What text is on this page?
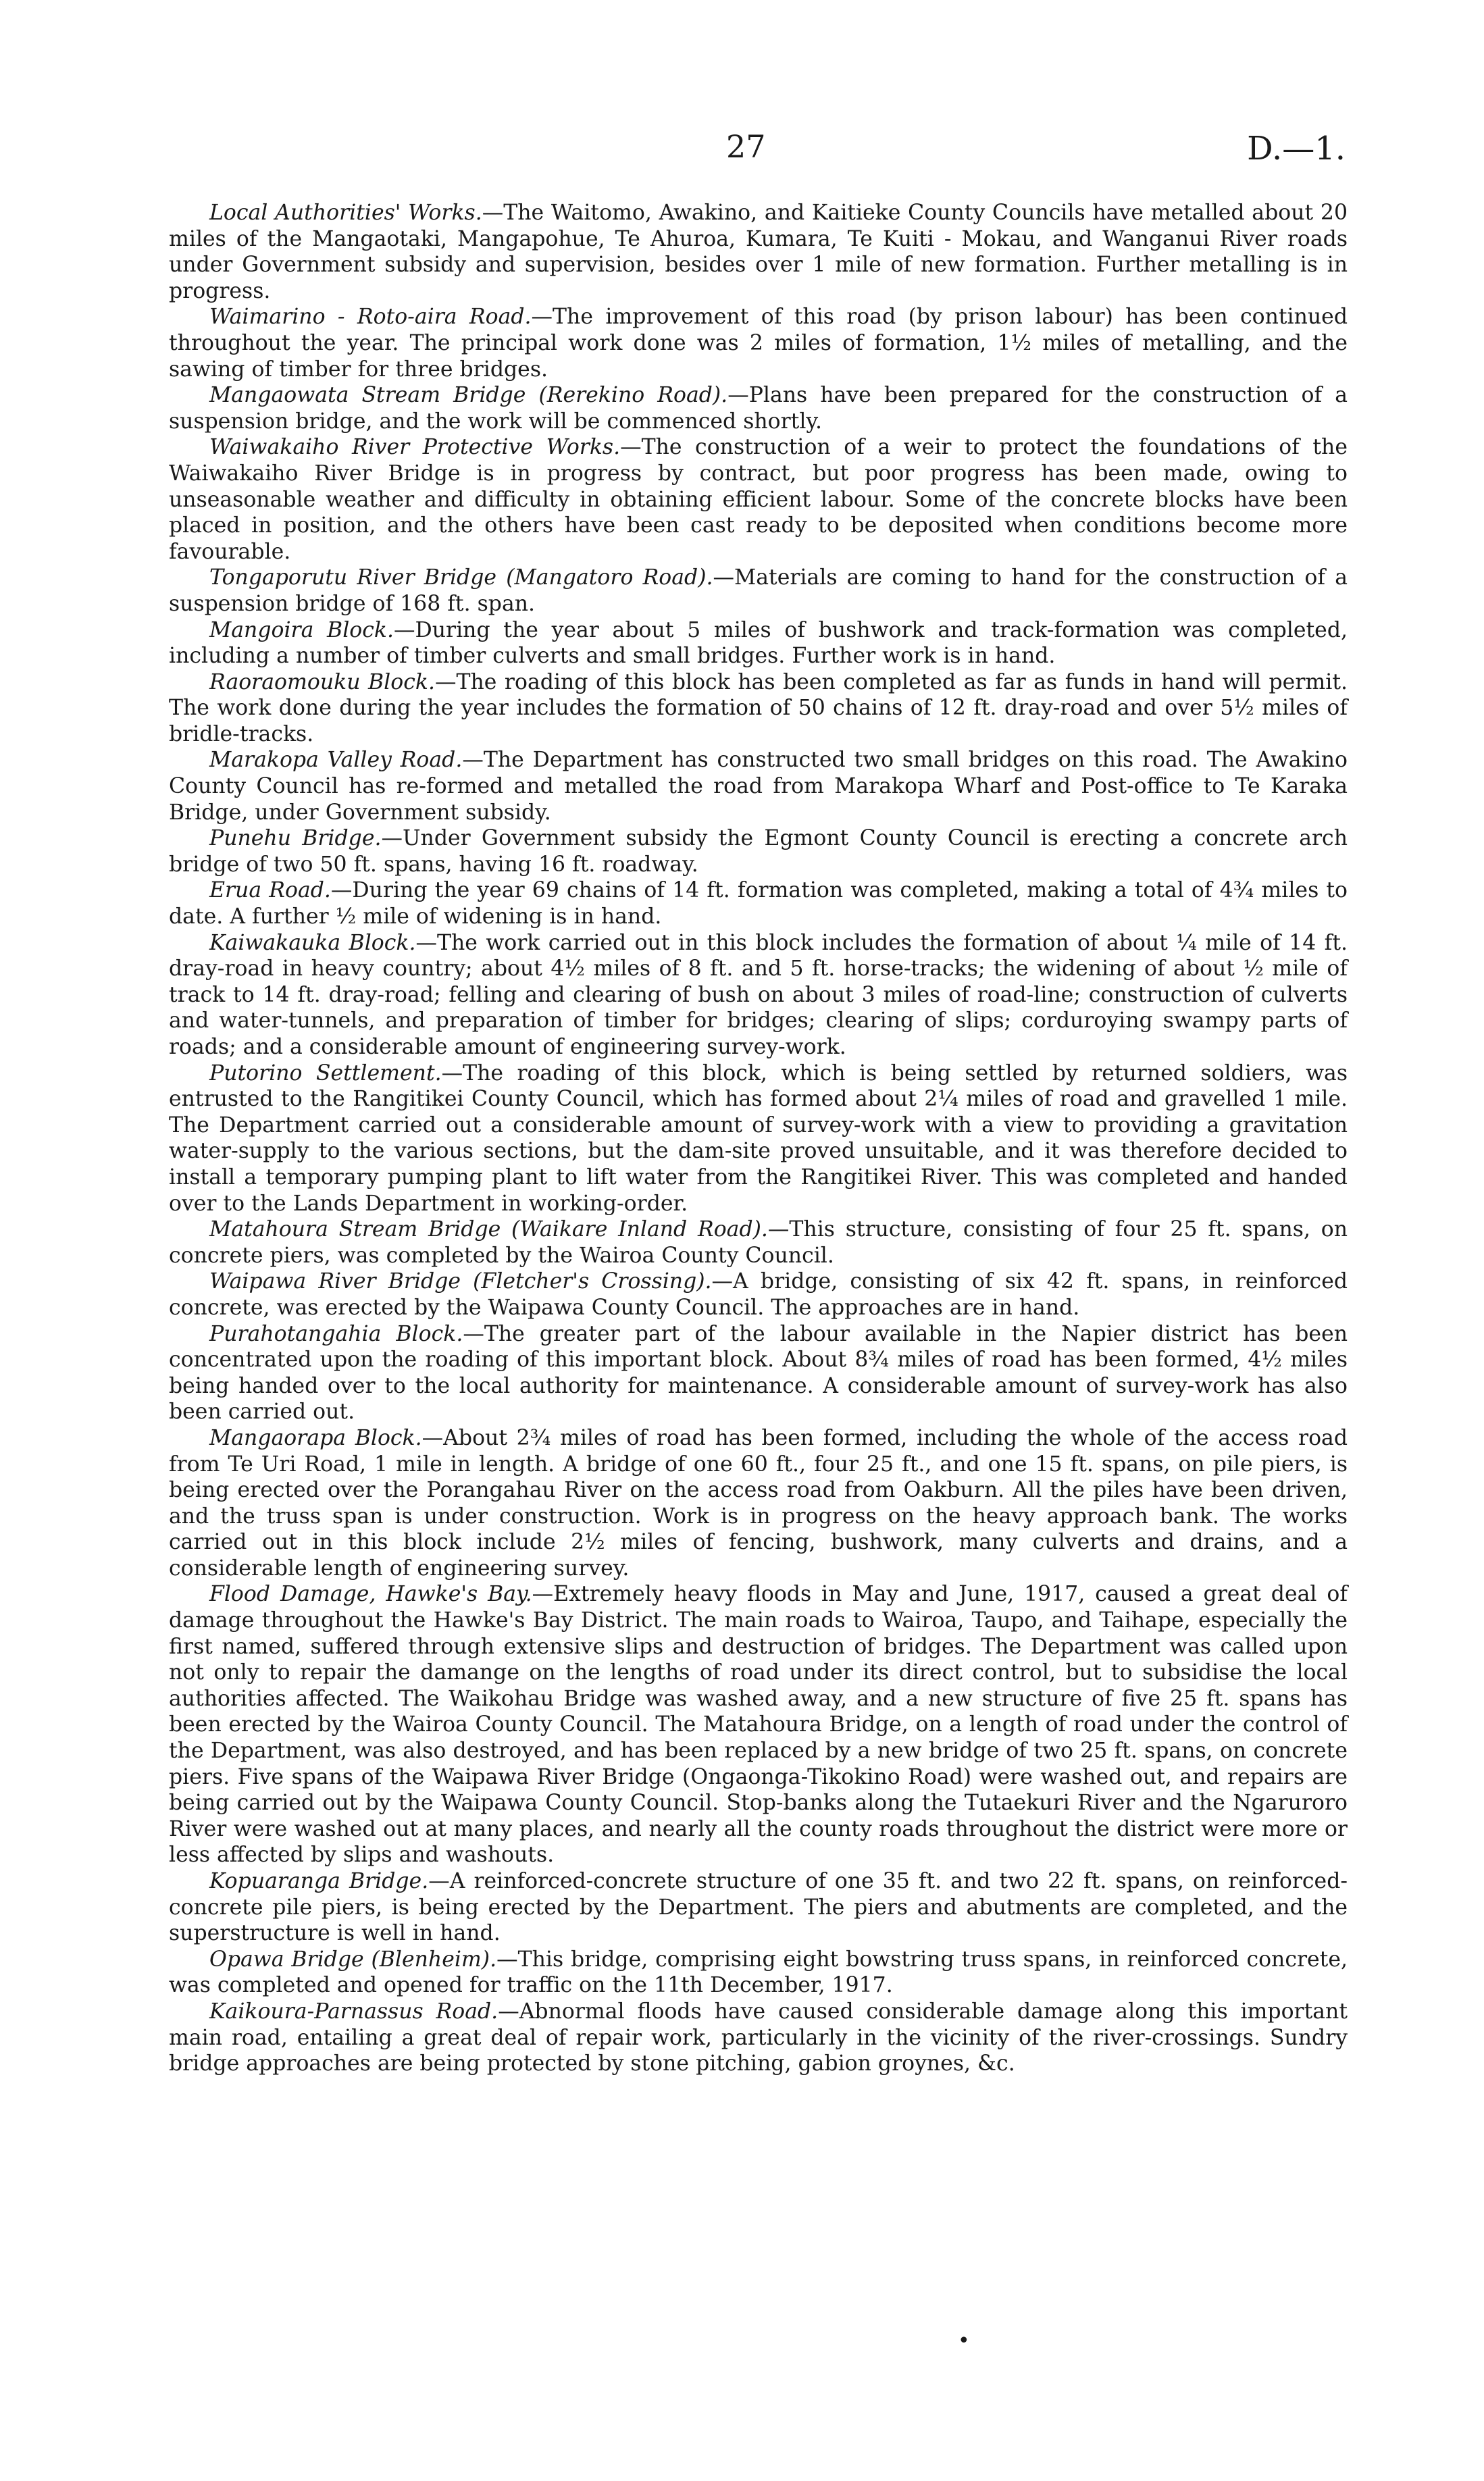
27	D.—1.

Local Authorities' Works.—The Waitomo, Awakino, and Kaitieke County Councils have metalled about 20 miles of the Mangaotaki, Mangapohue, Te Ahuroa, Kumara, Te Kuiti - Mokau, and Wanganui River roads under Government subsidy and supervision, besides over 1 mile of new formation. Further metalling is in progress.

Waimarino - Roto-aira Road.—The improvement of this road (by prison labour) has been continued throughout the year. The principal work done was 2 miles of formation, 1½ miles of metalling, and the sawing of timber for three bridges.

Mangaowata Stream Bridge (Rerekino Road).—Plans have been prepared for the construction of a suspension bridge, and the work will be commenced shortly.

Waiwakaiho River Protective Works.—The construction of a weir to protect the foundations of the Waiwakaiho River Bridge is in progress by contract, but poor progress has been made, owing to unseasonable weather and difficulty in obtaining efficient labour. Some of the concrete blocks have been placed in position, and the others have been cast ready to be deposited when conditions become more favourable.

Tongaporutu River Bridge (Mangatoro Road).—Materials are coming to hand for the construction of a suspension bridge of 168 ft. span.

Mangoira Block.—During the year about 5 miles of bushwork and track-formation was completed, including a number of timber culverts and small bridges. Further work is in hand.

Raoraomouku Block.—The roading of this block has been completed as far as funds in hand will permit. The work done during the year includes the formation of 50 chains of 12 ft. dray-road and over 5½ miles of bridle-tracks.

Marakopa Valley Road.—The Department has constructed two small bridges on this road. The Awakino County Council has re-formed and metalled the road from Marakopa Wharf and Post-office to Te Karaka Bridge, under Government subsidy.

Punehu Bridge.—Under Government subsidy the Egmont County Council is erecting a concrete arch bridge of two 50 ft. spans, having 16 ft. roadway.

Erua Road.—During the year 69 chains of 14 ft. formation was completed, making a total of 4¾ miles to date. A further ½ mile of widening is in hand.

Kaiwakauka Block.—The work carried out in this block includes the formation of about ¼ mile of 14 ft. dray-road in heavy country; about 4½ miles of 8 ft. and 5 ft. horse-tracks; the widening of about ½ mile of track to 14 ft. dray-road; felling and clearing of bush on about 3 miles of road-line; construction of culverts and water-tunnels, and preparation of timber for bridges; clearing of slips; corduroying swampy parts of roads; and a considerable amount of engineering survey-work.

Putorino Settlement.—The roading of this block, which is being settled by returned soldiers, was entrusted to the Rangitikei County Council, which has formed about 2¼ miles of road and gravelled 1 mile. The Department carried out a considerable amount of survey-work with a view to providing a gravitation water-supply to the various sections, but the dam-site proved unsuitable, and it was therefore decided to install a temporary pumping plant to lift water from the Rangitikei River. This was completed and handed over to the Lands Department in working-order.

Matahoura Stream Bridge (Waikare Inland Road).—This structure, consisting of four 25 ft. spans, on concrete piers, was completed by the Wairoa County Council.

Waipawa River Bridge (Fletcher's Crossing).—A bridge, consisting of six 42 ft. spans, in reinforced concrete, was erected by the Waipawa County Council. The approaches are in hand.

Purahotangahia Block.—The greater part of the labour available in the Napier district has been concentrated upon the roading of this important block. About 8¾ miles of road has been formed, 4½ miles being handed over to the local authority for maintenance. A considerable amount of survey-work has also been carried out.

Mangaorapa Block.—About 2¾ miles of road has been formed, including the whole of the access road from Te Uri Road, 1 mile in length. A bridge of one 60 ft., four 25 ft., and one 15 ft. spans, on pile piers, is being erected over the Porangahau River on the access road from Oakburn. All the piles have been driven, and the truss span is under construction. Work is in progress on the heavy approach bank. The works carried out in this block include 2½ miles of fencing, bushwork, many culverts and drains, and a considerable length of engineering survey.

Flood Damage, Hawke's Bay.—Extremely heavy floods in May and June, 1917, caused a great deal of damage throughout the Hawke's Bay District. The main roads to Wairoa, Taupo, and Taihape, especially the first named, suffered through extensive slips and destruction of bridges. The Department was called upon not only to repair the damange on the lengths of road under its direct control, but to subsidise the local authorities affected. The Waikohau Bridge was washed away, and a new structure of five 25 ft. spans has been erected by the Wairoa County Council. The Matahoura Bridge, on a length of road under the control of the Department, was also destroyed, and has been replaced by a new bridge of two 25 ft. spans, on concrete piers. Five spans of the Waipawa River Bridge (Ongaonga-Tikokino Road) were washed out, and repairs are being carried out by the Waipawa County Council. Stop-banks along the Tutaekuri River and the Ngaruroro River were washed out at many places, and nearly all the county roads throughout the district were more or less affected by slips and washouts.

Kopuaranga Bridge.—A reinforced-concrete structure of one 35 ft. and two 22 ft. spans, on reinforced-concrete pile piers, is being erected by the Department. The piers and abutments are completed, and the superstructure is well in hand.

Opawa Bridge (Blenheim).—This bridge, comprising eight bowstring truss spans, in reinforced concrete, was completed and opened for traffic on the 11th December, 1917.

Kaikoura-Parnassus Road.—Abnormal floods have caused considerable damage along this important main road, entailing a great deal of repair work, particularly in the vicinity of the river-crossings. Sundry bridge approaches are being protected by stone pitching, gabion groynes, &c.

•
